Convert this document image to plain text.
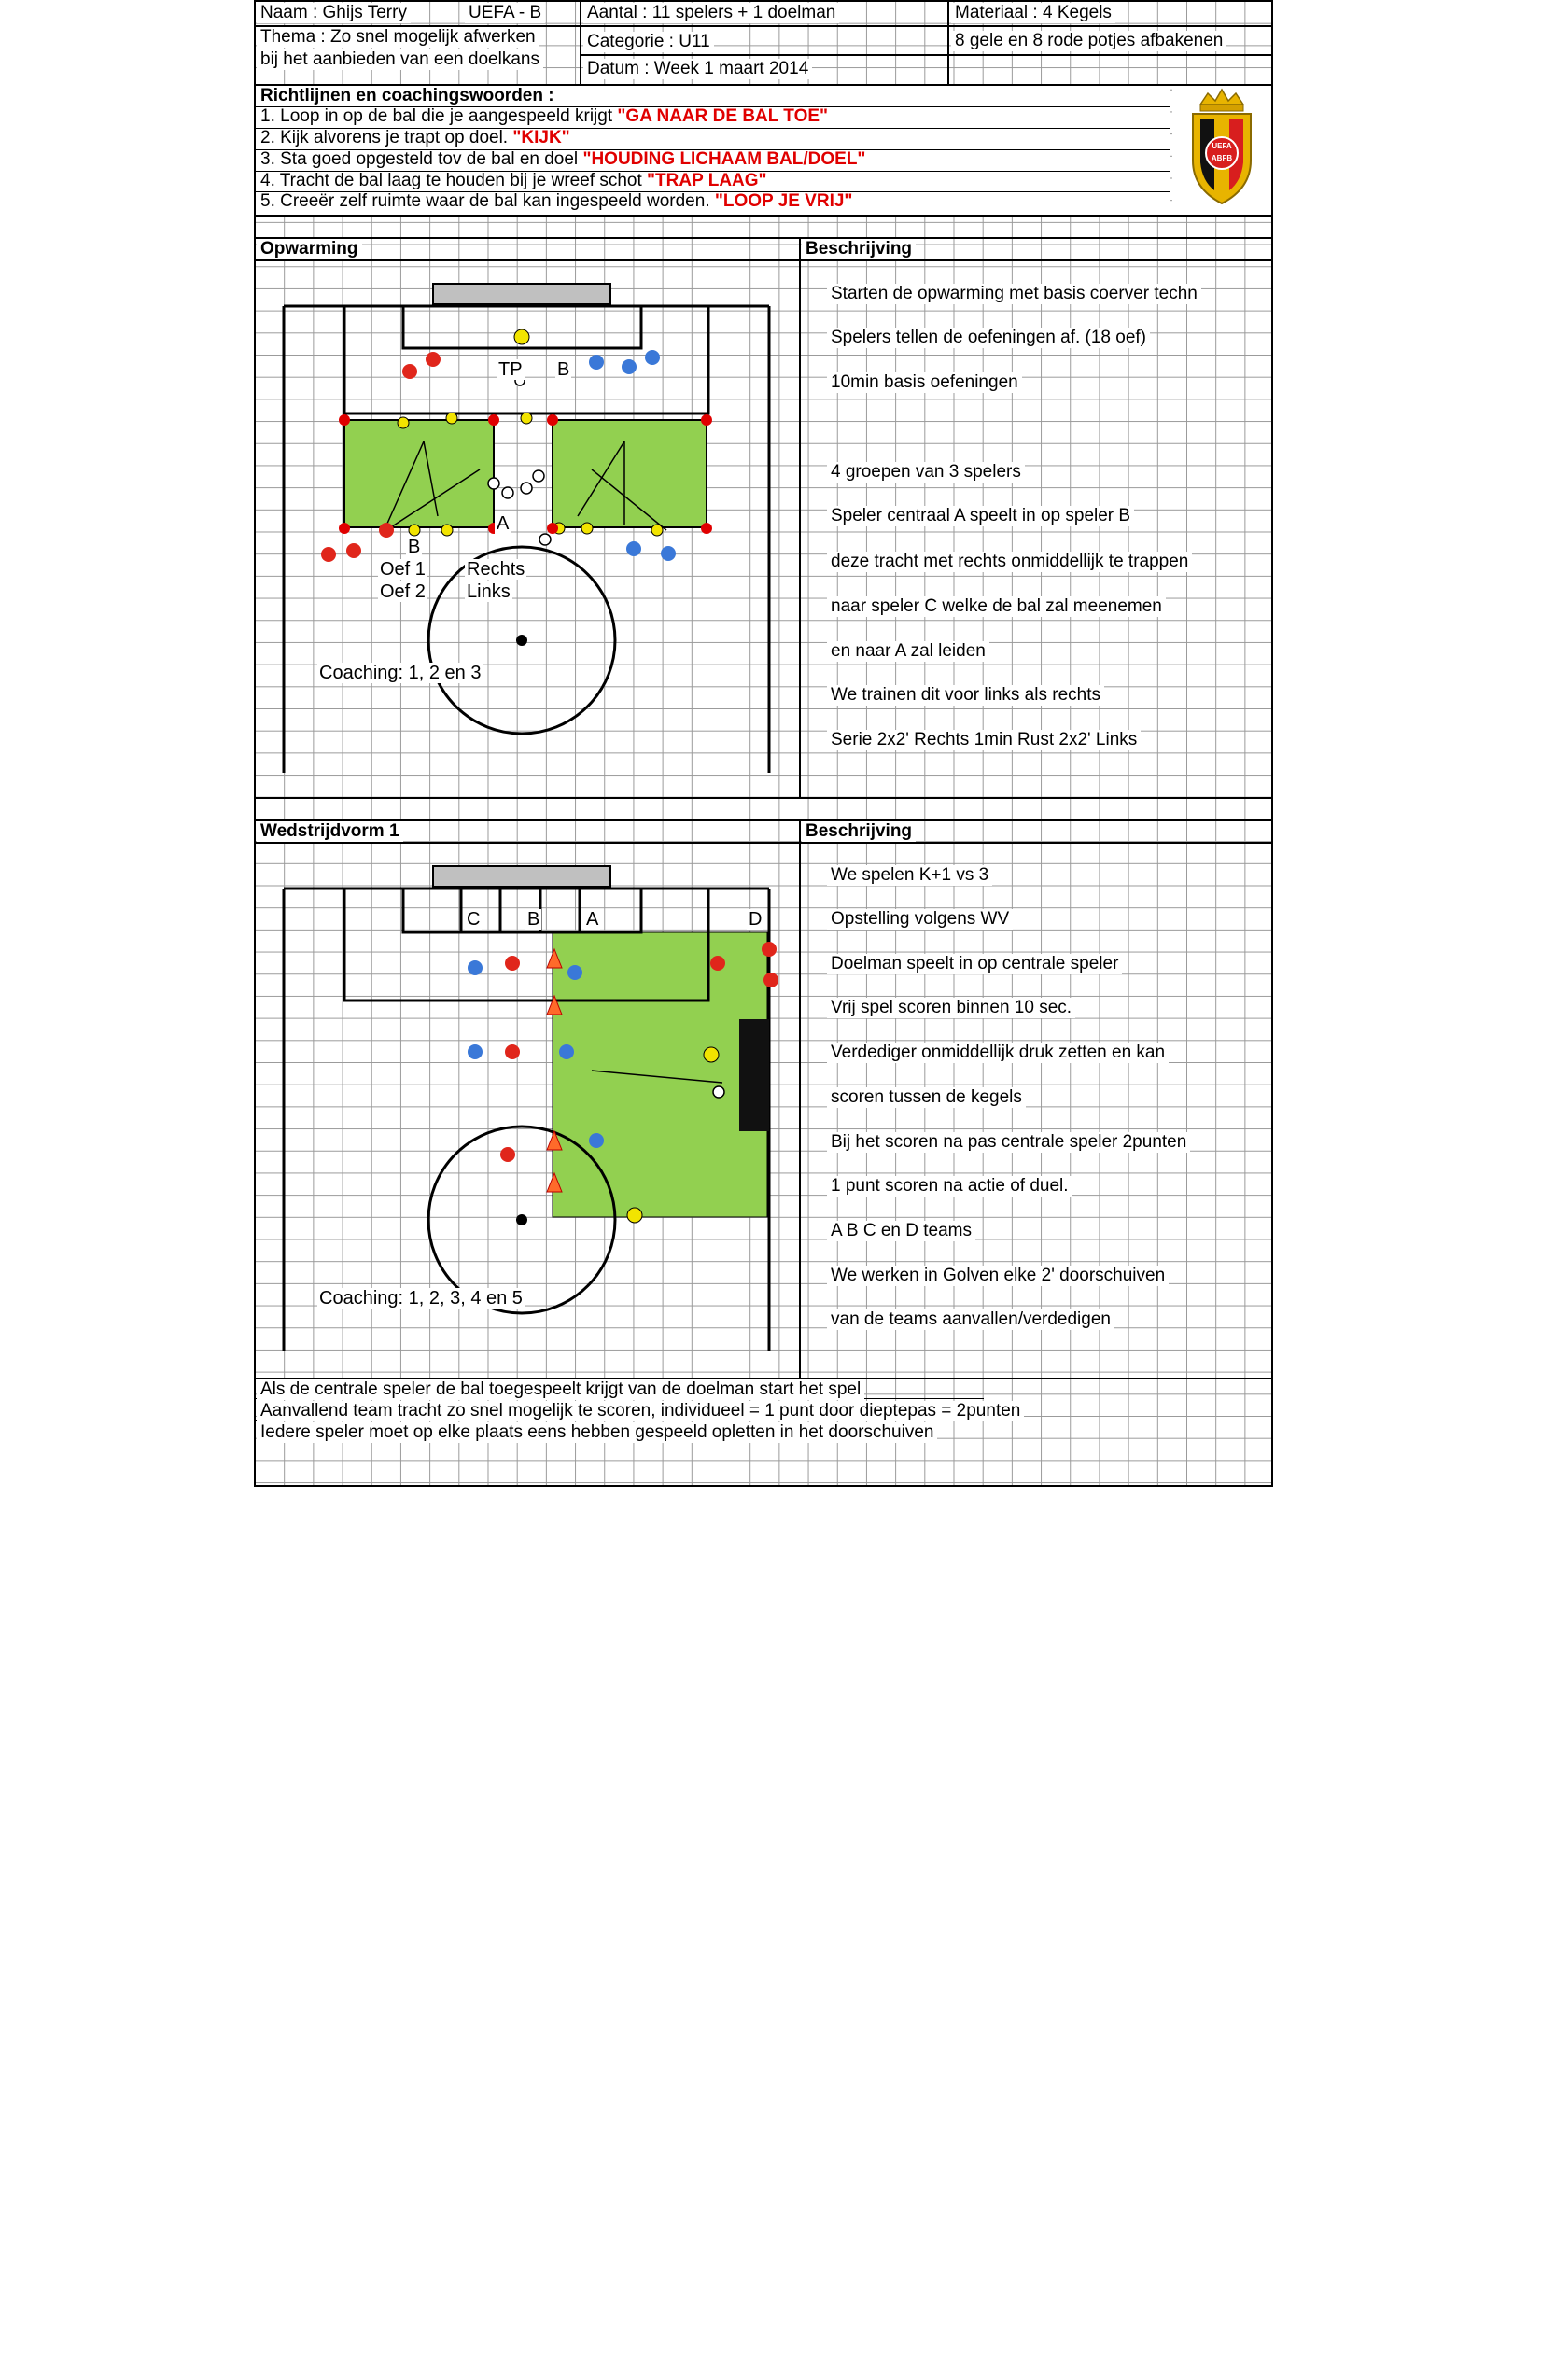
Naam : Ghijs Terry	UEFA - B
Thema : Zo snel mogelijk afwerken
bij het aanbieden van een doelkans
Aantal : 11 spelers + 1 doelman
Categorie : U11
Datum : Week 1 maart 2014
Materiaal : 4 Kegels
8 gele en 8 rode potjes afbakenen
Richtlijnen en coachingswoorden :
1. Loop in op de bal die je aangespeeld krijgt "GA NAAR DE BAL TOE"
2. Kijk alvorens je trapt op doel. "KIJK"
3. Sta goed opgesteld tov de bal en doel "HOUDING LICHAAM BAL/DOEL"
4. Tracht de bal laag te houden bij je wreef schot "TRAP LAAG"
5. Creeër zelf ruimte waar de bal kan ingespeeld worden. "LOOP JE VRIJ"
UEFA
ABFB
Opwarming	Beschrijving
TP B
A
B
Oef 1
Oef 2
Rechts
Links
Coaching: 1, 2 en 3
Starten de opwarming met basis coerver techn
Spelers tellen de oefeningen af. (18 oef)
10min basis oefeningen
4 groepen van 3 spelers
Speler centraal A speelt in op speler B
deze tracht met rechts onmiddellijk te trappen
naar speler C welke de bal zal meenemen
en naar A zal leiden
We trainen dit voor links als rechts
Serie 2x2' Rechts 1min Rust 2x2' Links
Wedstrijdvorm 1	Beschrijving
C	B A	D
Coaching: 1, 2, 3, 4 en 5
We spelen K+1 vs 3
Opstelling volgens WV
Doelman speelt in op centrale speler
Vrij spel scoren binnen 10 sec.
Verdediger onmiddellijk druk zetten en kan
scoren tussen de kegels
Bij het scoren na pas centrale speler 2punten
1 punt scoren na actie of duel.
A B C en D teams
We werken in Golven elke 2' doorschuiven
van de teams aanvallen/verdedigen
Als de centrale speler de bal toegespeelt krijgt van de doelman start het spel
Aanvallend team tracht zo snel mogelijk te scoren, individueel = 1 punt door dieptepas = 2punten
Iedere speler moet op elke plaats eens hebben gespeeld opletten in het doorschuiven
